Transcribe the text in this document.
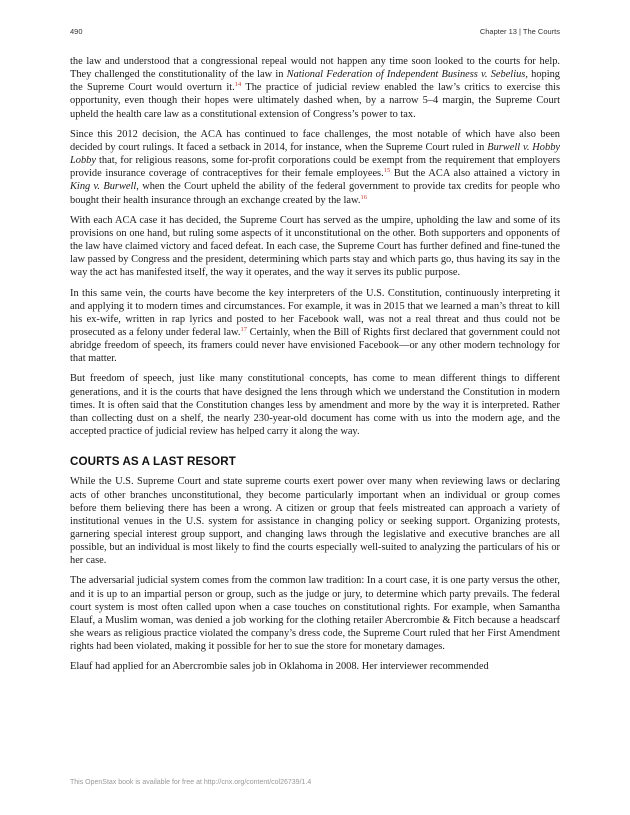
490	Chapter 13 | The Courts

the law and understood that a congressional repeal would not happen any time soon looked to the courts for help. They challenged the constitutionality of the law in National Federation of Independent Business v. Sebelius, hoping the Supreme Court would overturn it.$^{14}$ The practice of judicial review enabled the law’s critics to exercise this opportunity, even though their hopes were ultimately dashed when, by a narrow 5–4 margin, the Supreme Court upheld the health care law as a constitutional extension of Congress’s power to tax.

Since this 2012 decision, the ACA has continued to face challenges, the most notable of which have also been decided by court rulings. It faced a setback in 2014, for instance, when the Supreme Court ruled in Burwell v. Hobby Lobby that, for religious reasons, some for-profit corporations could be exempt from the requirement that employers provide insurance coverage of contraceptives for their female employees.$^{15}$ But the ACA also attained a victory in King v. Burwell, when the Court upheld the ability of the federal government to provide tax credits for people who bought their health insurance through an exchange created by the law.$^{16}$

With each ACA case it has decided, the Supreme Court has served as the umpire, upholding the law and some of its provisions on one hand, but ruling some aspects of it unconstitutional on the other. Both supporters and opponents of the law have claimed victory and faced defeat. In each case, the Supreme Court has further defined and fine-tuned the law passed by Congress and the president, determining which parts stay and which parts go, thus having its say in the way the act has manifested itself, the way it operates, and the way it serves its public purpose.

In this same vein, the courts have become the key interpreters of the U.S. Constitution, continuously interpreting it and applying it to modern times and circumstances. For example, it was in 2015 that we learned a man’s threat to kill his ex-wife, written in rap lyrics and posted to her Facebook wall, was not a real threat and thus could not be prosecuted as a felony under federal law.$^{17}$ Certainly, when the Bill of Rights first declared that government could not abridge freedom of speech, its framers could never have envisioned Facebook—or any other modern technology for that matter.

But freedom of speech, just like many constitutional concepts, has come to mean different things to different generations, and it is the courts that have designed the lens through which we understand the Constitution in modern times. It is often said that the Constitution changes less by amendment and more by the way it is interpreted. Rather than collecting dust on a shelf, the nearly 230-year-old document has come with us into the modern age, and the accepted practice of judicial review has helped carry it along the way.

COURTS AS A LAST RESORT

While the U.S. Supreme Court and state supreme courts exert power over many when reviewing laws or declaring acts of other branches unconstitutional, they become particularly important when an individual or group comes before them believing there has been a wrong. A citizen or group that feels mistreated can approach a variety of institutional venues in the U.S. system for assistance in changing policy or seeking support. Organizing protests, garnering special interest group support, and changing laws through the legislative and executive branches are all possible, but an individual is most likely to find the courts especially well-suited to analyzing the particulars of his or her case.

The adversarial judicial system comes from the common law tradition: In a court case, it is one party versus the other, and it is up to an impartial person or group, such as the judge or jury, to determine which party prevails. The federal court system is most often called upon when a case touches on constitutional rights. For example, when Samantha Elauf, a Muslim woman, was denied a job working for the clothing retailer Abercrombie & Fitch because a headscarf she wears as religious practice violated the company’s dress code, the Supreme Court ruled that her First Amendment rights had been violated, making it possible for her to sue the store for monetary damages.

Elauf had applied for an Abercrombie sales job in Oklahoma in 2008. Her interviewer recommended

This OpenStax book is available for free at http://cnx.org/content/col26739/1.4
